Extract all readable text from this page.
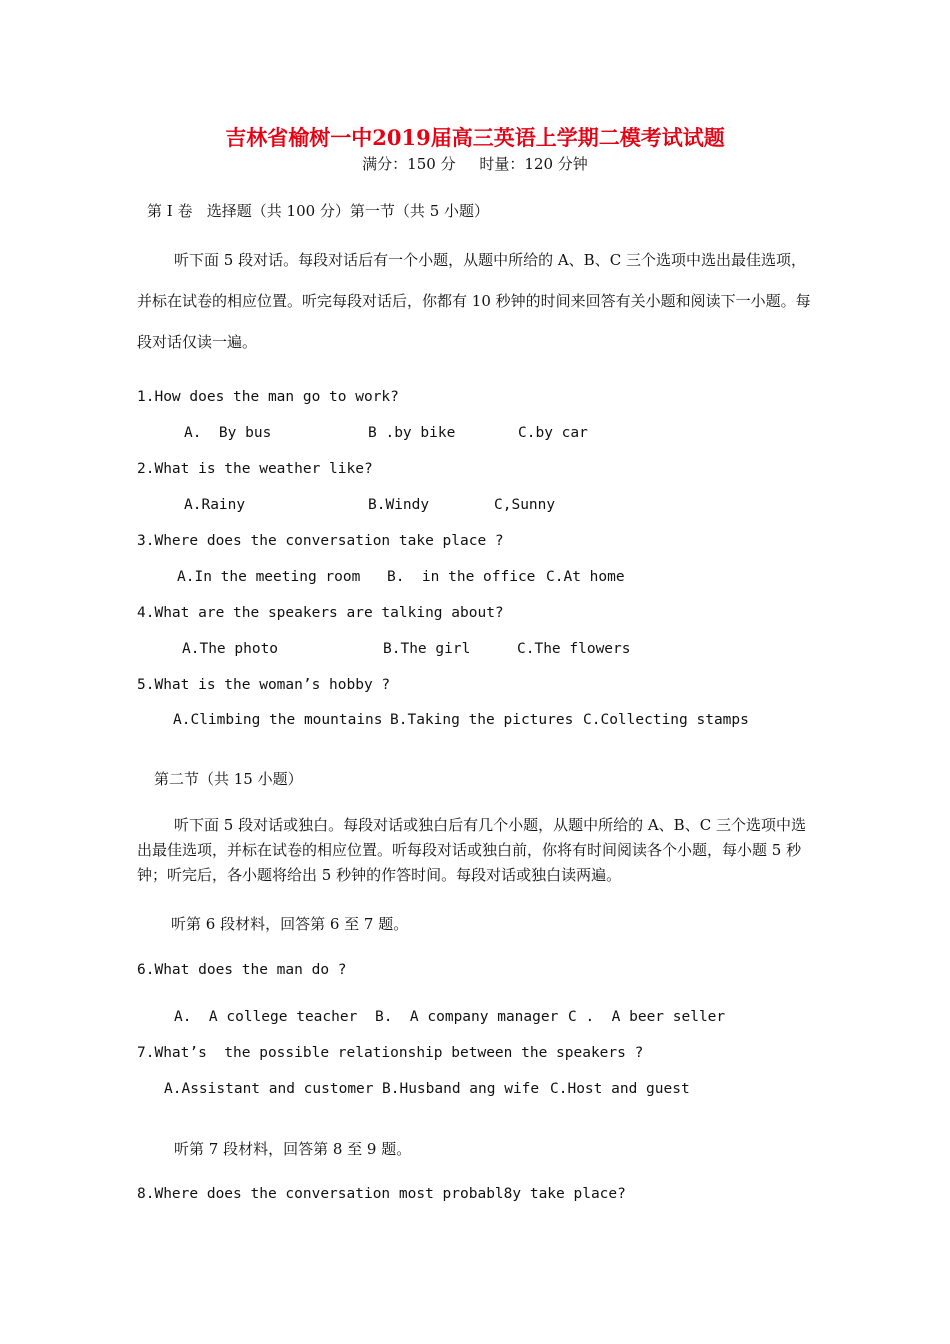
吉林省榆树一中2019届高三英语上学期二模考试试题
满分：150 分     时量：120 分钟
第 I 卷   选择题（共 100 分）第一节（共 5 小题）
听下面 5 段对话。每段对话后有一个小题，从题中所给的 A、B、C 三个选项中选出最佳选项，并标在试卷的相应位置。听完每段对话后，你都有 10 秒钟的时间来回答有关小题和阅读下一小题。每段对话仅读一遍。
1.How does the man go to work?
A.  By bus	B .by bike	C.by car
2.What is the weather like?
A.Rainy	B.Windy	C,Sunny
3.Where does the conversation take place ?
A.In the meeting room B.  in the office C.At home
4.What are the speakers are talking about?
A.The photo	B.The girl	C.The flowers
5.What is the woman’s hobby ?
A.Climbing the mountains B.Taking the pictures C.Collecting stamps
第二节（共 15 小题）
听下面 5 段对话或独白。每段对话或独白后有几个小题，从题中所给的 A、B、C 三个选项中选出最佳选项，并标在试卷的相应位置。听每段对话或独白前，你将有时间阅读各个小题，每小题 5 秒钟；听完后，各小题将给出 5 秒钟的作答时间。每段对话或独白读两遍。
听第 6 段材料，回答第 6 至 7 题。
6.What does the man do ?
A.  A college teacher B.  A company manager C .  A beer seller
7.What’s  the possible relationship between the speakers ?
A.Assistant and customer B.Husband ang wife C.Host and guest
听第 7 段材料，回答第 8 至 9 题。
8.Where does the conversation most probabl8y take place?
